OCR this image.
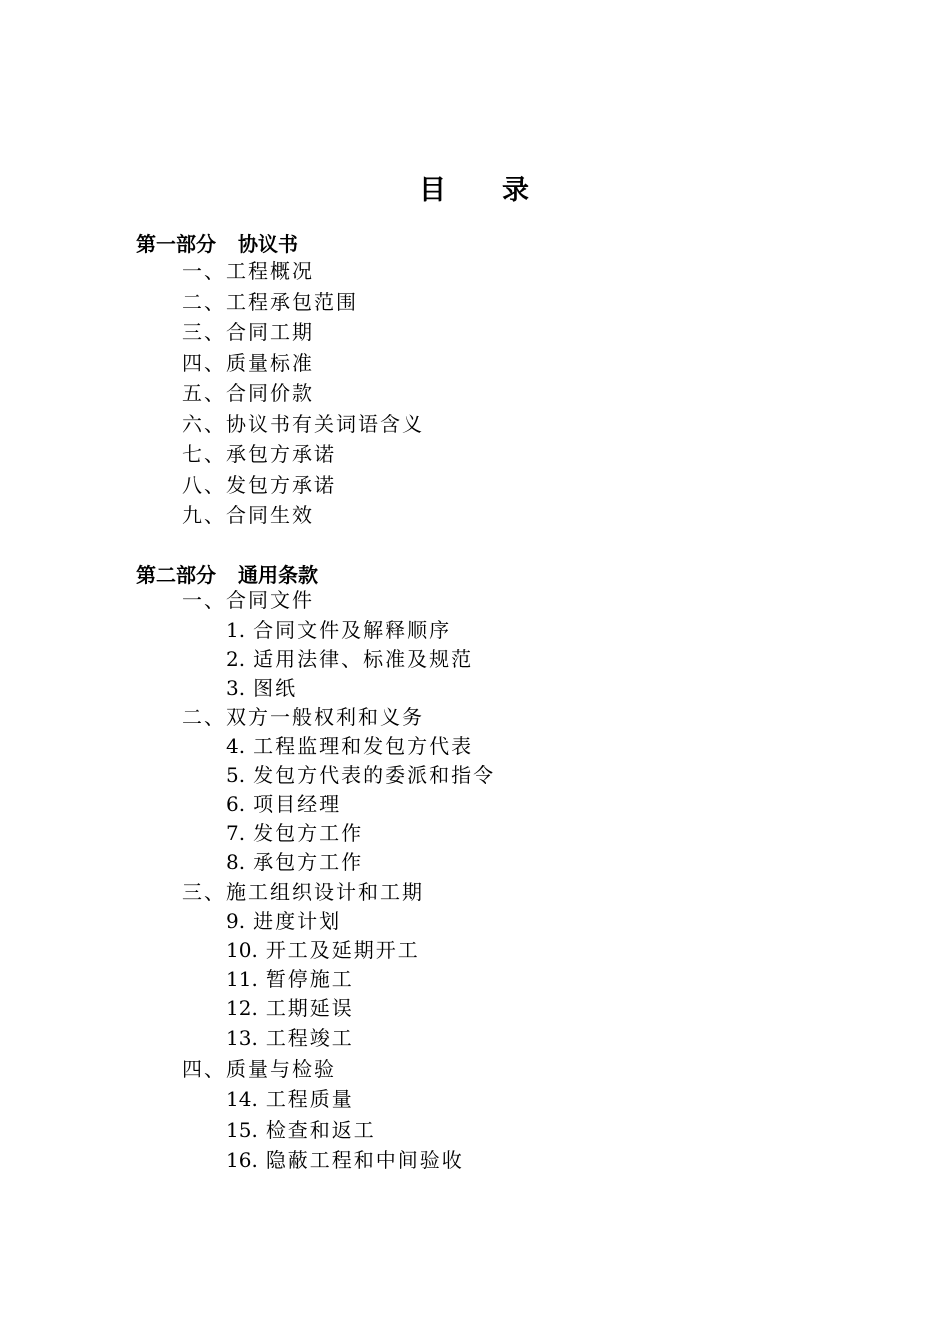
目 录
第一部分 协议书
一、工程概况
二、工程承包范围
三、合同工期
四、质量标准
五、合同价款
六、协议书有关词语含义
七、承包方承诺
八、发包方承诺
九、合同生效
第二部分 通用条款
一、合同文件
1. 合同文件及解释顺序
2. 适用法律、标准及规范
3. 图纸
二、双方一般权利和义务
4. 工程监理和发包方代表
5. 发包方代表的委派和指令
6. 项目经理
7. 发包方工作
8. 承包方工作
三、施工组织设计和工期
9. 进度计划
10. 开工及延期开工
11. 暂停施工
12. 工期延误
13. 工程竣工
四、质量与检验
14. 工程质量
15. 检查和返工
16. 隐蔽工程和中间验收
